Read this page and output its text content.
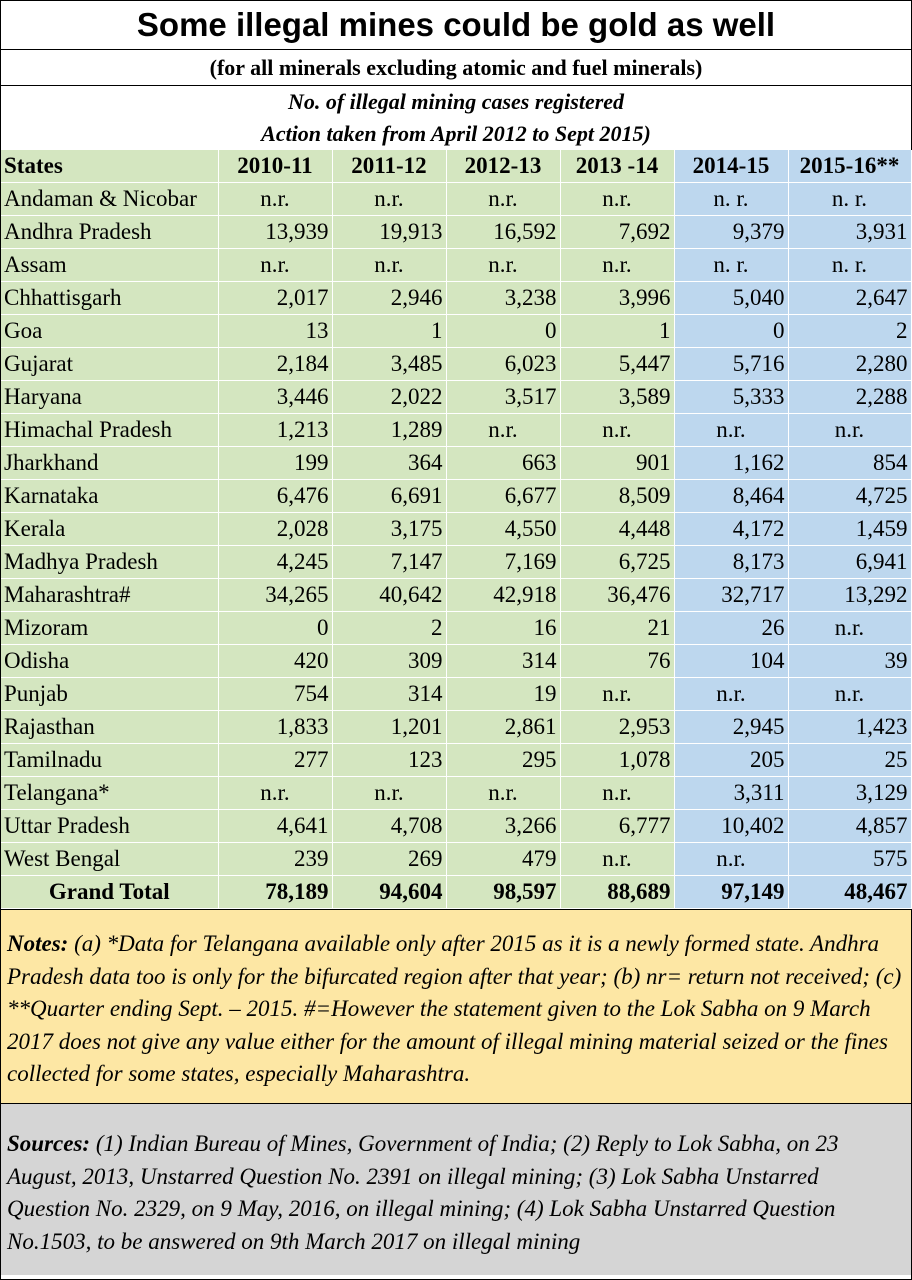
Some illegal mines could be gold as well
(for all minerals excluding atomic and fuel minerals)
No. of illegal mining cases registered
Action taken from April 2012 to Sept 2015)
States	2010-11	2011-12	2012-13	2013 -14	2014-15	2015-16**
Andaman & Nicobar	n.r.	n.r.	n.r.	n.r.	n. r.	n. r.
Andhra Pradesh	13,939	19,913	16,592	7,692	9,379	3,931
Assam	n.r.	n.r.	n.r.	n.r.	n. r.	n. r.
Chhattisgarh	2,017	2,946	3,238	3,996	5,040	2,647
Goa	13	1	0	1	0	2
Gujarat	2,184	3,485	6,023	5,447	5,716	2,280
Haryana	3,446	2,022	3,517	3,589	5,333	2,288
Himachal Pradesh	1,213	1,289	n.r.	n.r.	n.r.	n.r.
Jharkhand	199	364	663	901	1,162	854
Karnataka	6,476	6,691	6,677	8,509	8,464	4,725
Kerala	2,028	3,175	4,550	4,448	4,172	1,459
Madhya Pradesh	4,245	7,147	7,169	6,725	8,173	6,941
Maharashtra#	34,265	40,642	42,918	36,476	32,717	13,292
Mizoram	0	2	16	21	26	n.r.
Odisha	420	309	314	76	104	39
Punjab	754	314	19	n.r.	n.r.	n.r.
Rajasthan	1,833	1,201	2,861	2,953	2,945	1,423
Tamilnadu	277	123	295	1,078	205	25
Telangana*	n.r.	n.r.	n.r.	n.r.	3,311	3,129
Uttar Pradesh	4,641	4,708	3,266	6,777	10,402	4,857
West Bengal	239	269	479	n.r.	n.r.	575
Grand Total	78,189	94,604	98,597	88,689	97,149	48,467
Notes: (a) *Data for Telangana available only after 2015 as it is a newly formed state. Andhra Pradesh data too is only for the bifurcated region after that year; (b) nr= return not received; (c) **Quarter ending Sept. – 2015. #=However the statement given to the Lok Sabha on 9 March 2017 does not give any value either for the amount of illegal mining material seized or the fines collected for some states, especially Maharashtra.
Sources: (1) Indian Bureau of Mines, Government of India; (2) Reply to Lok Sabha, on 23 August, 2013, Unstarred Question No. 2391 on illegal mining; (3) Lok Sabha Unstarred Question No. 2329, on 9 May, 2016, on illegal mining; (4) Lok Sabha Unstarred Question No.1503, to be answered on 9th March 2017 on illegal mining
